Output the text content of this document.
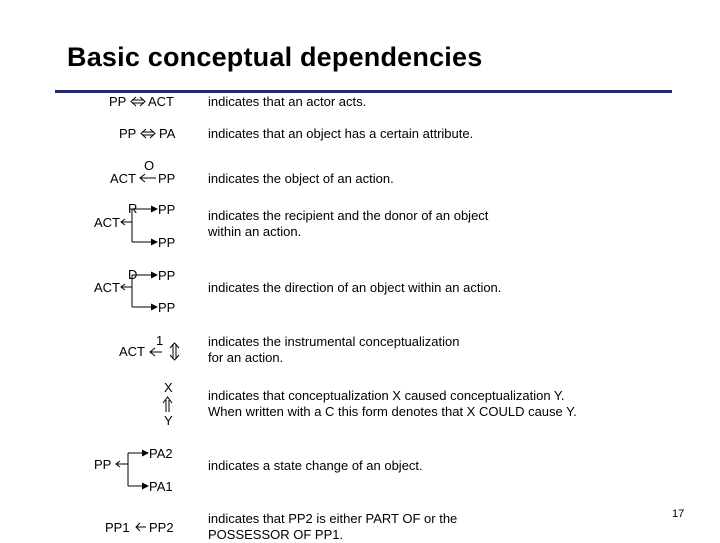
Basic conceptual dependencies
PP ACT
PP PA
O
ACT PP
R PP
ACT
PP
D PP
ACT
PP
1
ACT
X
Y
PA2
PP
PA1
PP1 PP2
indicates that an actor acts.
indicates that an object has a certain attribute.
indicates the object of an action.
indicates the recipient and the donor of an object
within an action.
indicates the direction of an object within an action.
indicates the instrumental conceptualization
for an action.
indicates that conceptualization X caused conceptualization Y.
When written with a C this form denotes that X COULD cause Y.
indicates a state change of an object.
indicates that PP2 is either PART OF or the
POSSESSOR OF PP1.
17
